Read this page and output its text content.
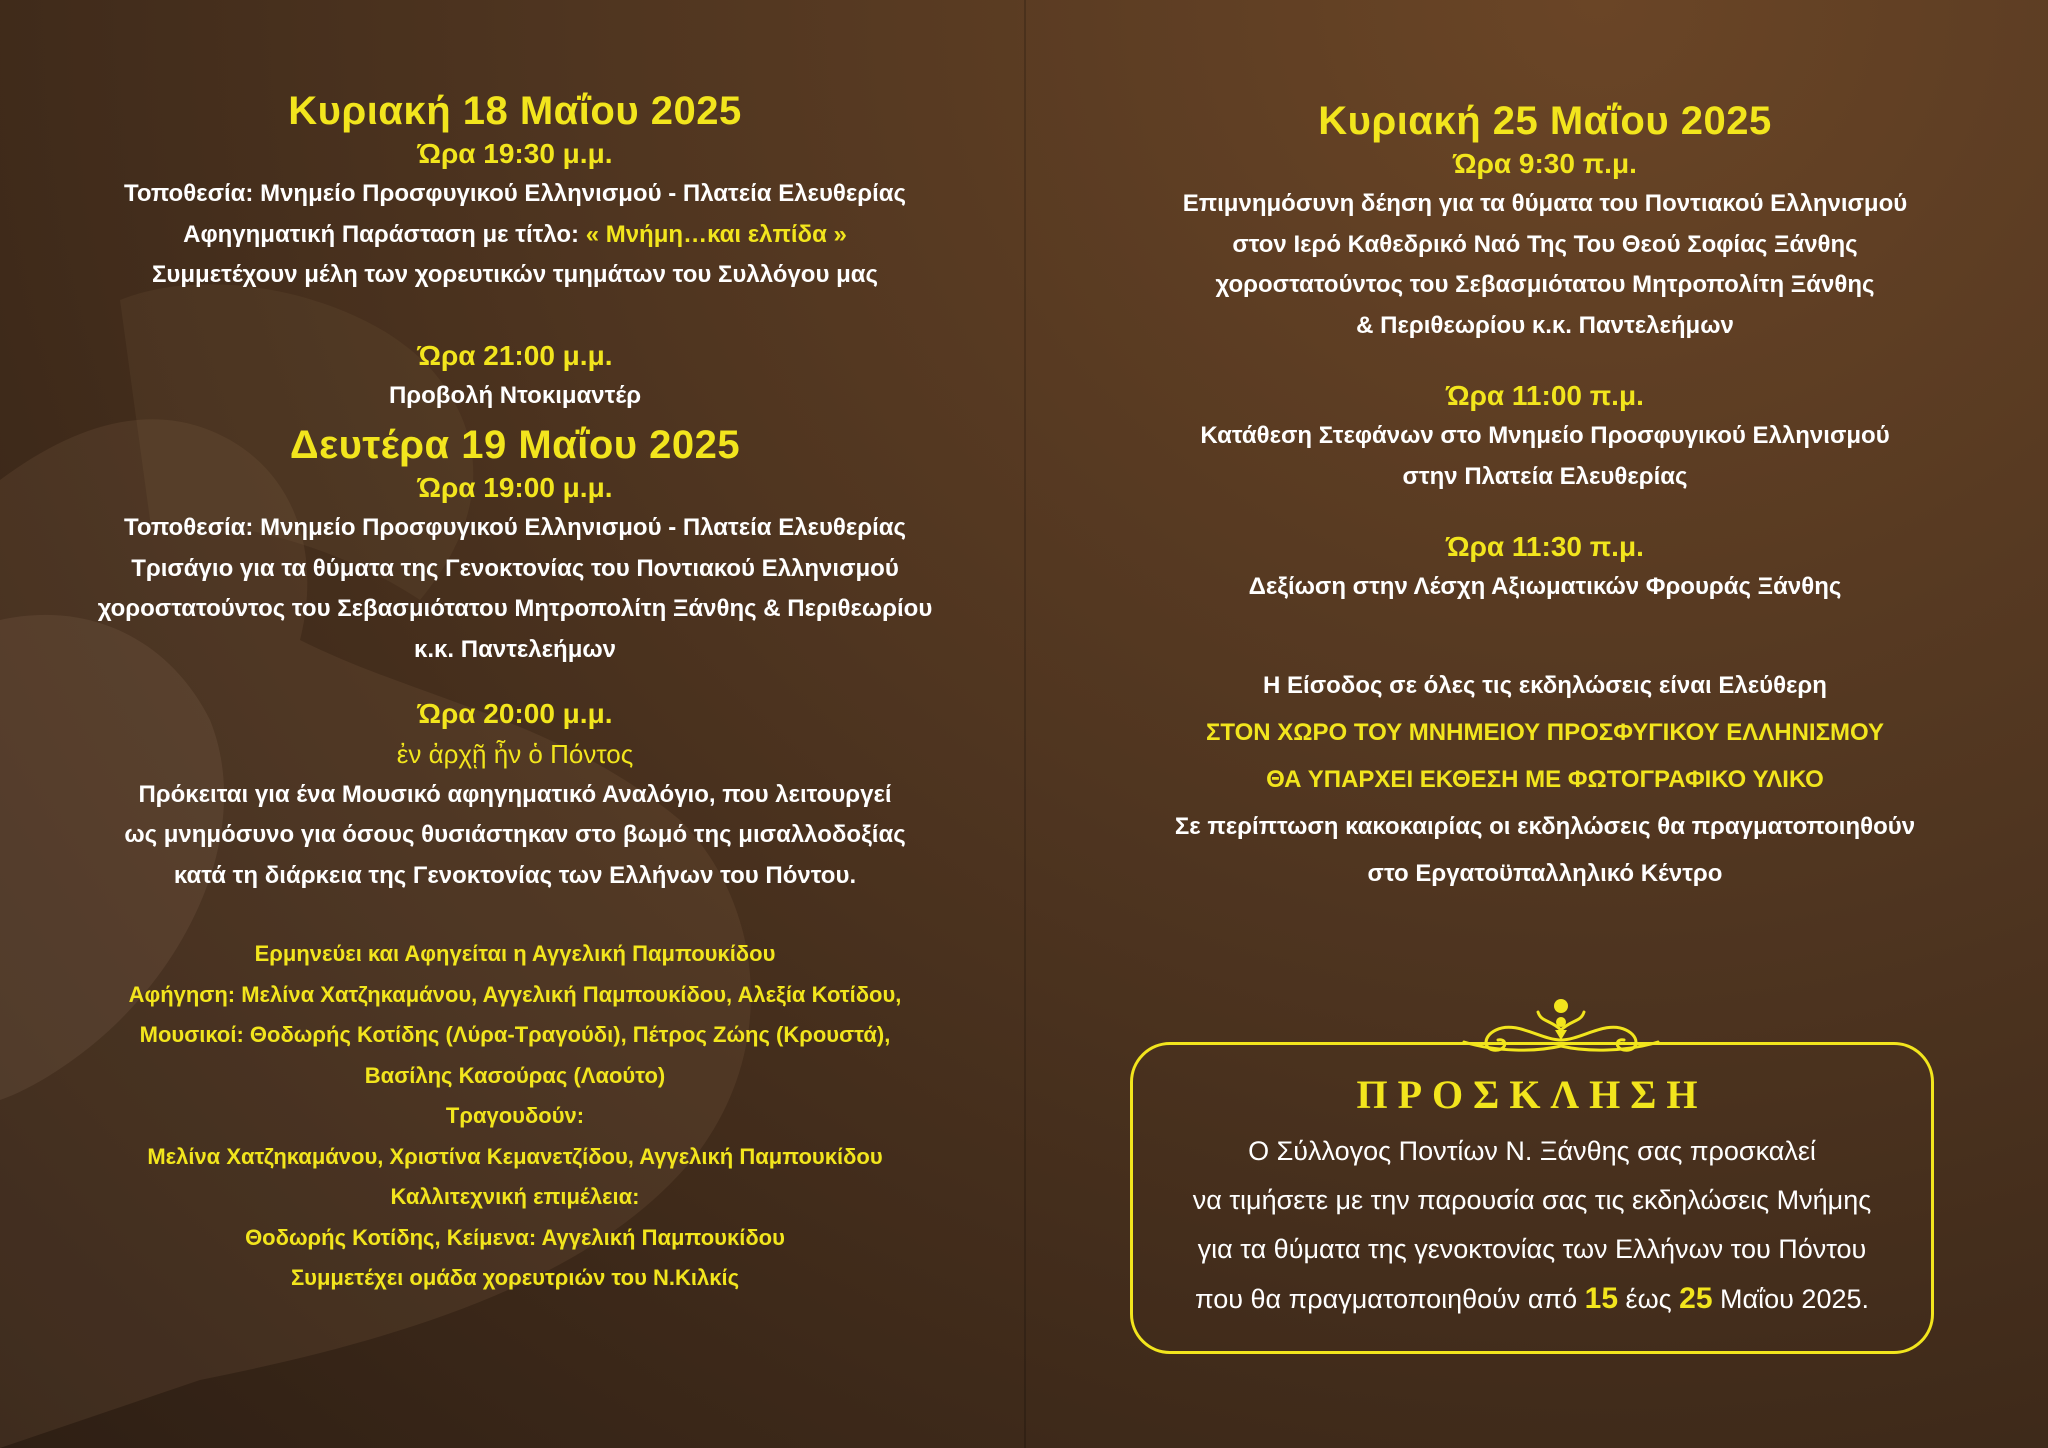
Κυριακή 18 Μαΐου 2025
Ώρα 19:30 μ.μ.
Τοποθεσία: Μνημείο Προσφυγικού Ελληνισμού - Πλατεία Ελευθερίας
Αφηγηματική Παράσταση με τίτλο: « Μνήμη…και ελπίδα »
Συμμετέχουν μέλη των χορευτικών τμημάτων του Συλλόγου μας
Ώρα 21:00 μ.μ.
Προβολή Ντοκιμαντέρ
Δευτέρα 19 Μαΐου 2025
Ώρα 19:00 μ.μ.
Τοποθεσία: Μνημείο Προσφυγικού Ελληνισμού - Πλατεία Ελευθερίας
Τρισάγιο για τα θύματα της Γενοκτονίας του Ποντιακού Ελληνισμού
χοροστατούντος του Σεβασμιότατου Μητροπολίτη Ξάνθης & Περιθεωρίου
κ.κ. Παντελεήμων
Ώρα 20:00 μ.μ.
ἐν ἀρχῇ ἦν ὁ Πόντος
Πρόκειται για ένα Μουσικό αφηγηματικό Αναλόγιο, που λειτουργεί
ως μνημόσυνο για όσους θυσιάστηκαν στο βωμό της μισαλλοδοξίας
κατά τη διάρκεια της Γενοκτονίας των Ελλήνων του Πόντου.
Ερμηνεύει και Αφηγείται η Αγγελική Παμπουκίδου
Αφήγηση: Μελίνα Χατζηκαμάνου, Αγγελική Παμπουκίδου, Αλεξία Κοτίδου,
Μουσικοί: Θοδωρής Κοτίδης (Λύρα-Τραγούδι), Πέτρος Ζώης (Κρουστά),
Βασίλης Κασούρας (Λαούτο)
Τραγουδούν:
Μελίνα Χατζηκαμάνου, Χριστίνα Κεμανετζίδου, Αγγελική Παμπουκίδου
Καλλιτεχνική επιμέλεια:
Θοδωρής Κοτίδης, Κείμενα: Αγγελική Παμπουκίδου
Συμμετέχει ομάδα χορευτριών του Ν.Κιλκίς
Κυριακή 25 Μαΐου 2025
Ώρα 9:30 π.μ.
Επιμνημόσυνη δέηση για τα θύματα του Ποντιακού Ελληνισμού
στον Ιερό Καθεδρικό Ναό Της Του Θεού Σοφίας Ξάνθης
χοροστατούντος του Σεβασμιότατου Μητροπολίτη Ξάνθης
& Περιθεωρίου κ.κ. Παντελεήμων
Ώρα 11:00 π.μ.
Κατάθεση Στεφάνων στο Μνημείο Προσφυγικού Ελληνισμού
στην Πλατεία Ελευθερίας
Ώρα 11:30 π.μ.
Δεξίωση στην Λέσχη Αξιωματικών Φρουράς Ξάνθης
Η Είσοδος σε όλες τις εκδηλώσεις είναι Ελεύθερη
ΣΤΟΝ ΧΩΡΟ ΤΟΥ ΜΝΗΜΕΙΟΥ ΠΡΟΣΦΥΓΙΚΟΥ ΕΛΛΗΝΙΣΜΟΥ
ΘΑ ΥΠΑΡΧΕΙ ΕΚΘΕΣΗ ΜΕ ΦΩΤΟΓΡΑΦΙΚΟ ΥΛΙΚΟ
Σε περίπτωση κακοκαιρίας οι εκδηλώσεις θα πραγματοποιηθούν
στο Εργατοϋπαλληλικό Κέντρο
ΠΡΟΣΚΛΗΣΗ
Ο Σύλλογος Ποντίων Ν. Ξάνθης σας προσκαλεί
να τιμήσετε με την παρουσία σας τις εκδηλώσεις Μνήμης
για τα θύματα της γενοκτονίας των Ελλήνων του Πόντου
που θα πραγματοποιηθούν από 15 έως 25 Μαΐου 2025.
